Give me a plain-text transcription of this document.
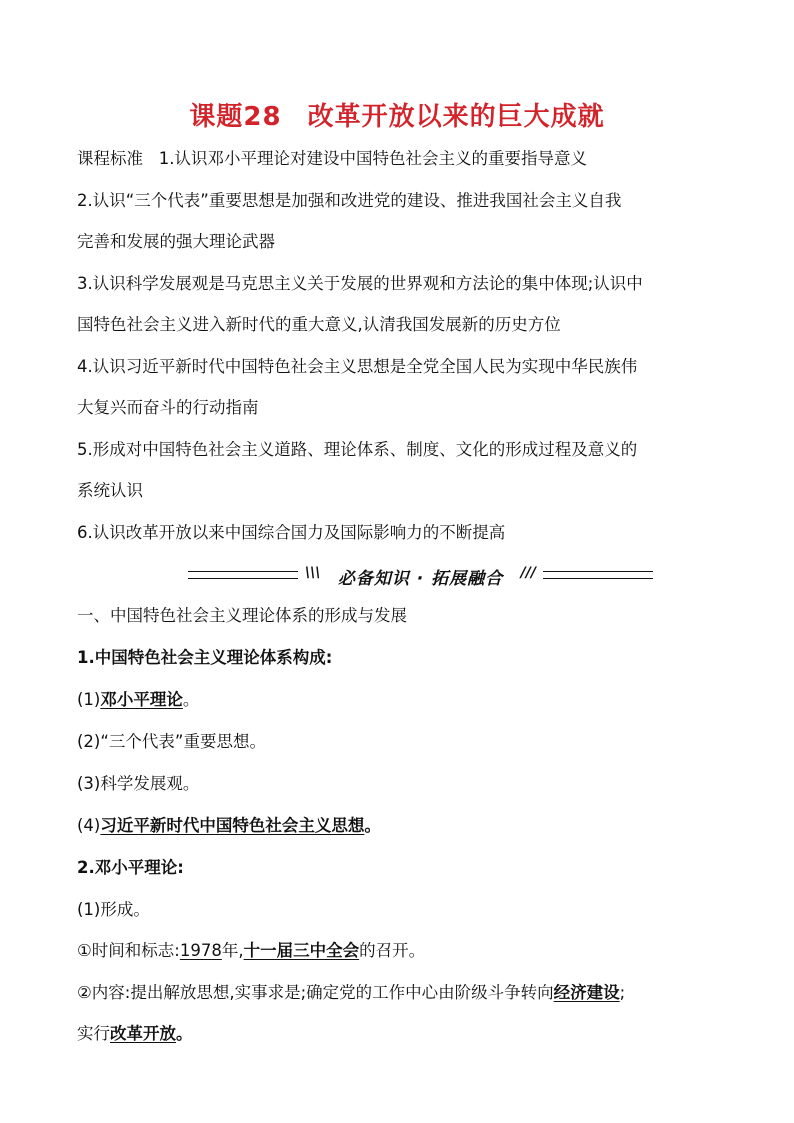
课题28 改革开放以来的巨大成就
课程标准 1.认识邓小平理论对建设中国特色社会主义的重要指导意义
2.认识“三个代表”重要思想是加强和改进党的建设、推进我国社会主义自我
完善和发展的强大理论武器
3.认识科学发展观是马克思主义关于发展的世界观和方法论的集中体现;认识中
国特色社会主义进入新时代的重大意义,认清我国发展新的历史方位
4.认识习近平新时代中国特色社会主义思想是全党全国人民为实现中华民族伟
大复兴而奋斗的行动指南
5.形成对中国特色社会主义道路、理论体系、制度、文化的形成过程及意义的
系统认识
6.认识改革开放以来中国综合国力及国际影响力的不断提高
\\\	必备知识 · 拓展融合	///
一、中国特色社会主义理论体系的形成与发展
1.中国特色社会主义理论体系构成:
(1)邓小平理论。
(2)“三个代表”重要思想。
(3)科学发展观。
(4)习近平新时代中国特色社会主义思想。
2.邓小平理论:
(1)形成。
①时间和标志:1978年,十一届三中全会的召开。
②内容:提出解放思想,实事求是;确定党的工作中心由阶级斗争转向经济建设;
实行改革开放。
